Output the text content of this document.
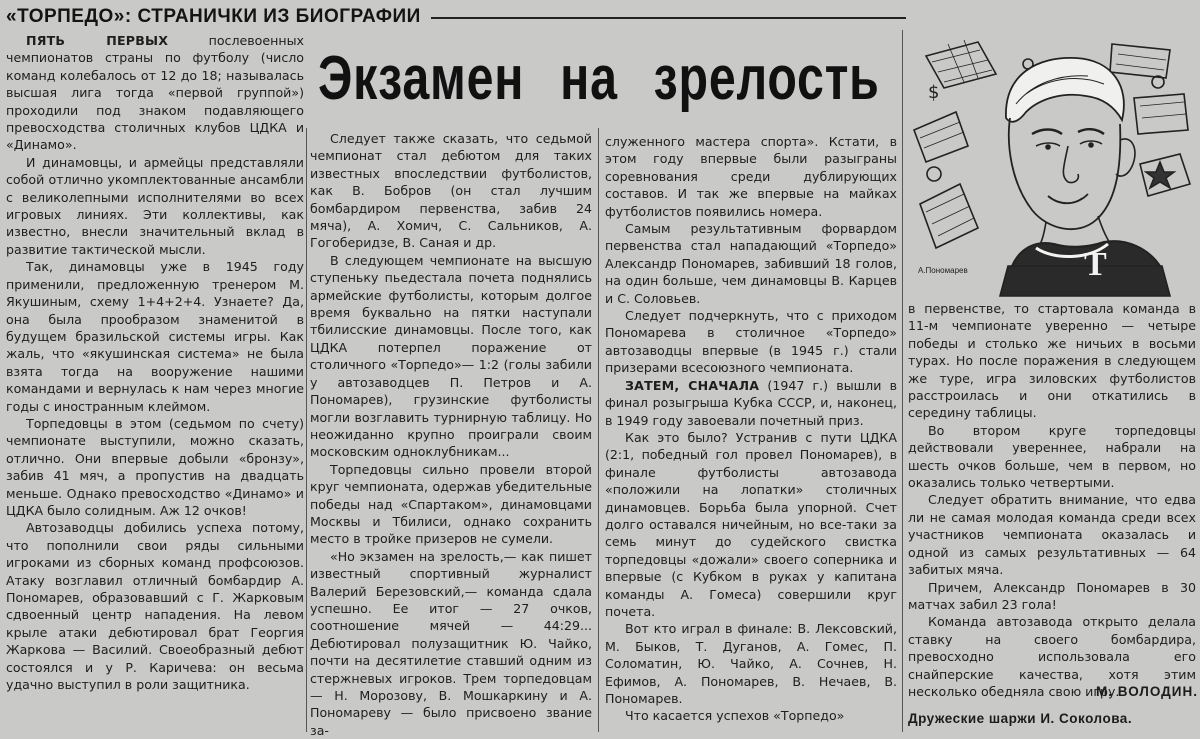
«ТОРПЕДО»: СТРАНИЧКИ ИЗ БИОГРАФИИ
Экзамен на зрелость

ПЯТЬ ПЕРВЫХ послевоенных чемпионатов страны по футболу (число команд колебалось от 12 до 18; называлась высшая лига тогда «первой группой») проходили под знаком подавляющего превосходства столичных клубов ЦДКА и «Динамо».

И динамовцы, и армейцы представляли собой отлично укомплектованные ансамбли с великолепными исполнителями во всех игровых линиях. Эти коллективы, как известно, внесли значительный вклад в развитие тактической мысли.

Так, динамовцы уже в 1945 году применили, предложенную тренером М. Якушиным, схему 1+4+2+4. Узнаете? Да, она была прообразом знаменитой в будущем бразильской системы игры. Как жаль, что «якушинская система» не была взята тогда на вооружение нашими командами и вернулась к нам через многие годы с иностранным клеймом.

Торпедовцы в этом (седьмом по счету) чемпионате выступили, можно сказать, отлично. Они впервые добыли «бронзу», забив 41 мяч, а пропустив на двадцать меньше. Однако превосходство «Динамо» и ЦДКА было солидным. Аж 12 очков!

Автозаводцы добились успеха потому, что пополнили свои ряды сильными игроками из сборных команд профсоюзов. Атаку возглавил отличный бомбардир А. Пономарев, образовавший с Г. Жарковым сдвоенный центр нападения. На левом крыле атаки дебютировал брат Георгия Жаркова — Василий. Своеобразный дебют состоялся и у Р. Каричева: он весьма удачно выступил в роли защитника.

Следует также сказать, что седьмой чемпионат стал дебютом для таких известных впоследствии футболистов, как В. Бобров (он стал лучшим бомбардиром первенства, забив 24 мяча), А. Хомич, С. Сальников, А. Гогоберидзе, В. Саная и др.

В следующем чемпионате на высшую ступеньку пьедестала почета поднялись армейские футболисты, которым долгое время буквально на пятки наступали тбилисские динамовцы. После того, как ЦДКА потерпел поражение от столичного «Торпедо»— 1:2 (голы забили у автозаводцев П. Петров и А. Пономарев), грузинские футболисты могли возглавить турнирную таблицу. Но неожиданно крупно проиграли своим московским одноклубникам...

Торпедовцы сильно провели второй круг чемпионата, одержав убедительные победы над «Спартаком», динамовцами Москвы и Тбилиси, однако сохранить место в тройке призеров не сумели.

«Но экзамен на зрелость,— как пишет известный спортивный журналист Валерий Березовский,— команда сдала успешно. Ее итог — 27 очков, соотношение мячей — 44:29... Дебютировал полузащитник Ю. Чайко, почти на десятилетие ставший одним из стержневых игроков. Трем торпедовцам — Н. Морозову, В. Мошкаркину и А. Пономареву — было присвоено звание за-

служенного мастера спорта». Кстати, в этом году впервые были разыграны соревнования среди дублирующих составов. И так же впервые на майках футболистов появились номера.

Самым результативным форвардом первенства стал нападающий «Торпедо» Александр Пономарев, забивший 18 голов, на один больше, чем динамовцы В. Карцев и С. Соловьев.

Следует подчеркнуть, что с приходом Пономарева в столичное «Торпедо» автозаводцы впервые (в 1945 г.) стали призерами всесоюзного чемпионата.

ЗАТЕМ, СНАЧАЛА (1947 г.) вышли в финал розыгрыша Кубка СССР, и, наконец, в 1949 году завоевали почетный приз.

Как это было? Устранив с пути ЦДКА (2:1, победный гол провел Пономарев), в финале футболисты автозавода «положили на лопатки» столичных динамовцев. Борьба была упорной. Счет долго оставался ничейным, но все-таки за семь минут до судейского свистка торпедовцы «дожали» своего соперника и впервые (с Кубком в руках у капитана команды А. Гомеса) совершили круг почета.

Вот кто играл в финале: В. Лексовский, М. Быков, Т. Дуганов, А. Гомес, П. Соломатин, Ю. Чайко, А. Сочнев, Н. Ефимов, А. Пономарев, В. Нечаев, В. Пономарев.

Что касается успехов «Торпедо»

$
Т
А.Пономарев

в первенстве, то стартовала команда в 11-м чемпионате уверенно — четыре победы и столько же ничьих в восьми турах. Но после поражения в следующем же туре, игра зиловских футболистов расстроилась и они откатились в середину таблицы.

Во втором круге торпедовцы действовали увереннее, набрали на шесть очков больше, чем в первом, но оказались только четвертыми.

Следует обратить внимание, что едва ли не самая молодая команда среди всех участников чемпионата оказалась и одной из самых результативных — 64 забитых мяча.

Причем, Александр Пономарев в 30 матчах забил 23 гола!

Команда автозавода открыто делала ставку на своего бомбардира, превосходно использовала его снайперские качества, хотя этим несколько обедняла свою игру.

М. ВОЛОДИН.
Дружеские шаржи И. Соколова.
